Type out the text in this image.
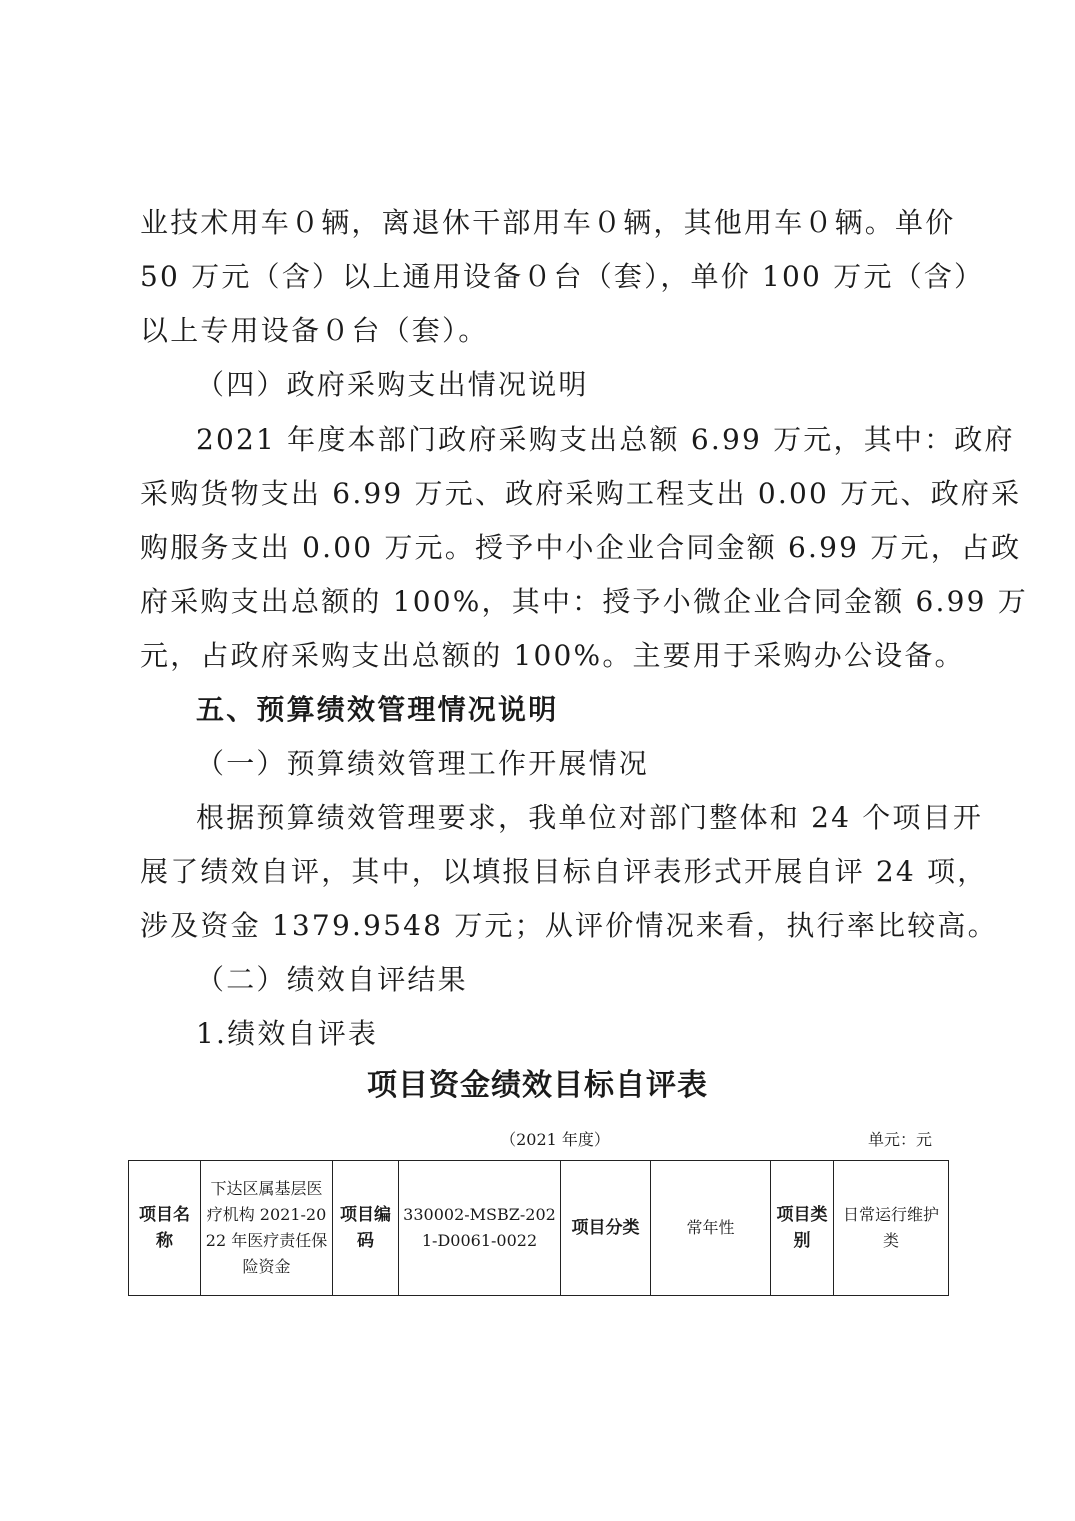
业技术用车０辆，离退休干部用车０辆，其他用车０辆。单价
50 万元（含）以上通用设备０台（套），单价 100 万元（含）
以上专用设备０台（套）。
（四）政府采购支出情况说明
2021 年度本部门政府采购支出总额 6.99 万元，其中：政府
采购货物支出 6.99 万元、政府采购工程支出 0.00 万元、政府采
购服务支出 0.00 万元。授予中小企业合同金额 6.99 万元，占政
府采购支出总额的 100%，其中：授予小微企业合同金额 6.99 万
元，占政府采购支出总额的 100%。主要用于采购办公设备。
五、预算绩效管理情况说明
（一）预算绩效管理工作开展情况
根据预算绩效管理要求，我单位对部门整体和 24 个项目开
展了绩效自评，其中，以填报目标自评表形式开展自评 24 项，
涉及资金 1379.9548 万元；从评价情况来看，执行率比较高。
（二）绩效自评结果
1.绩效自评表
项目资金绩效目标自评表
（2021 年度）	单元：元
项目名称	下达区属基层医疗机构 2021-2022 年医疗责任保险资金	项目编码	330002-MSBZ-2021-D0061-0022	项目分类	常年性	项目类别	日常运行维护类
